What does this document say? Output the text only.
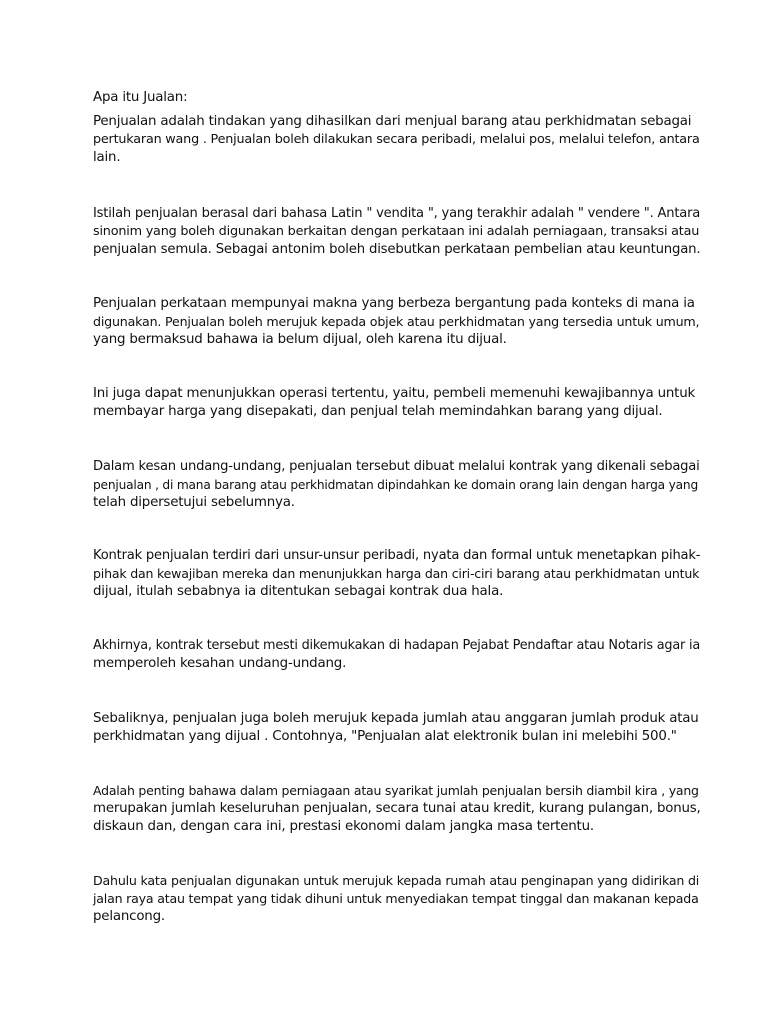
Apa itu Jualan:
Penjualan adalah tindakan yang dihasilkan dari menjual barang atau perkhidmatan sebagai
pertukaran wang . Penjualan boleh dilakukan secara peribadi, melalui pos, melalui telefon, antara
lain.
Istilah penjualan berasal dari bahasa Latin " vendita ", yang terakhir adalah " vendere ". Antara
sinonim yang boleh digunakan berkaitan dengan perkataan ini adalah perniagaan, transaksi atau
penjualan semula. Sebagai antonim boleh disebutkan perkataan pembelian atau keuntungan.
Penjualan perkataan mempunyai makna yang berbeza bergantung pada konteks di mana ia
digunakan. Penjualan boleh merujuk kepada objek atau perkhidmatan yang tersedia untuk umum,
yang bermaksud bahawa ia belum dijual, oleh karena itu dijual.
Ini juga dapat menunjukkan operasi tertentu, yaitu, pembeli memenuhi kewajibannya untuk
membayar harga yang disepakati, dan penjual telah memindahkan barang yang dijual.
Dalam kesan undang-undang, penjualan tersebut dibuat melalui kontrak yang dikenali sebagai
penjualan , di mana barang atau perkhidmatan dipindahkan ke domain orang lain dengan harga yang
telah dipersetujui sebelumnya.
Kontrak penjualan terdiri dari unsur-unsur peribadi, nyata dan formal untuk menetapkan pihak-
pihak dan kewajiban mereka dan menunjukkan harga dan ciri-ciri barang atau perkhidmatan untuk
dijual, itulah sebabnya ia ditentukan sebagai kontrak dua hala.
Akhirnya, kontrak tersebut mesti dikemukakan di hadapan Pejabat Pendaftar atau Notaris agar ia
memperoleh kesahan undang-undang.
Sebaliknya, penjualan juga boleh merujuk kepada jumlah atau anggaran jumlah produk atau
perkhidmatan yang dijual . Contohnya, "Penjualan alat elektronik bulan ini melebihi 500."
Adalah penting bahawa dalam perniagaan atau syarikat jumlah penjualan bersih diambil kira , yang
merupakan jumlah keseluruhan penjualan, secara tunai atau kredit, kurang pulangan, bonus,
diskaun dan, dengan cara ini, prestasi ekonomi dalam jangka masa tertentu.
Dahulu kata penjualan digunakan untuk merujuk kepada rumah atau penginapan yang didirikan di
jalan raya atau tempat yang tidak dihuni untuk menyediakan tempat tinggal dan makanan kepada
pelancong.
